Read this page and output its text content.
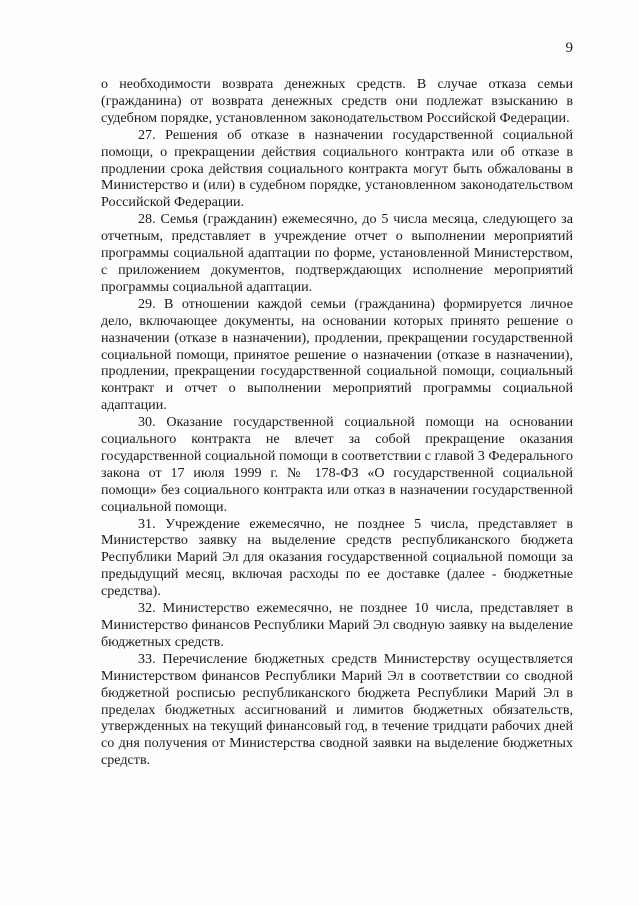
9

о необходимости возврата денежных средств. В случае отказа семьи (гражданина) от возврата денежных средств они подлежат взысканию в судебном порядке, установленном законодательством Российской Федерации.

27. Решения об отказе в назначении государственной социальной помощи, о прекращении действия социального контракта или об отказе в продлении срока действия социального контракта могут быть обжалованы в Министерство и (или) в судебном порядке, установленном законодательством Российской Федерации.

28. Семья (гражданин) ежемесячно, до 5 числа месяца, следующего за отчетным, представляет в учреждение отчет о выполнении мероприятий программы социальной адаптации по форме, установленной Министерством, с приложением документов, подтверждающих исполнение мероприятий программы социальной адаптации.

29. В отношении каждой семьи (гражданина) формируется личное дело, включающее документы, на основании которых принято решение о назначении (отказе в назначении), продлении, прекращении государственной социальной помощи, принятое решение о назначении (отказе в назначении), продлении, прекращении государственной социальной помощи, социальный контракт и отчет о выполнении мероприятий программы социальной адаптации.

30. Оказание государственной социальной помощи на основании социального контракта не влечет за собой прекращение оказания государственной социальной помощи в соответствии с главой 3 Федерального закона от 17 июля 1999 г. № 178-ФЗ «О государственной социальной помощи» без социального контракта или отказ в назначении государственной социальной помощи.

31. Учреждение ежемесячно, не позднее 5 числа, представляет в Министерство заявку на выделение средств республиканского бюджета Республики Марий Эл для оказания государственной социальной помощи за предыдущий месяц, включая расходы по ее доставке (далее - бюджетные средства).

32. Министерство ежемесячно, не позднее 10 числа, представляет в Министерство финансов Республики Марий Эл сводную заявку на выделение бюджетных средств.

33. Перечисление бюджетных средств Министерству осуществляется Министерством финансов Республики Марий Эл в соответствии со сводной бюджетной росписью республиканского бюджета Республики Марий Эл в пределах бюджетных ассигнований и лимитов бюджетных обязательств, утвержденных на текущий финансовый год, в течение тридцати рабочих дней со дня получения от Министерства сводной заявки на выделение бюджетных средств.
